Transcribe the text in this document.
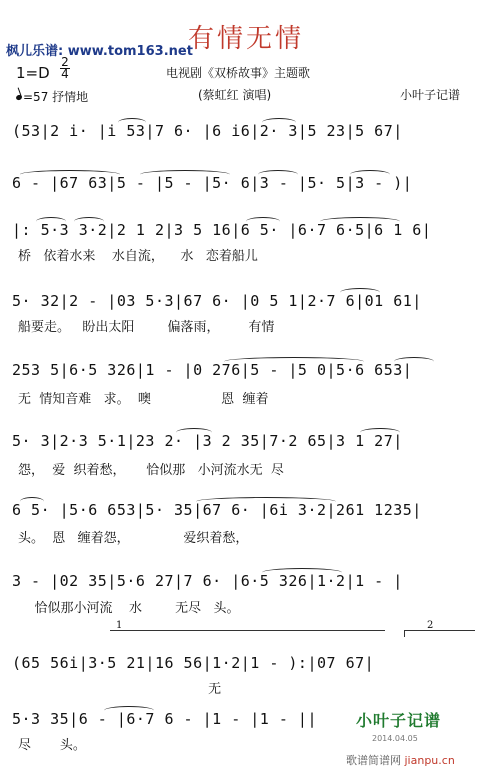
枫儿乐谱: www.tom163.net
有情无情
1=D
2
4
=57 抒情地
电视剧《双桥故事》主题歌
(蔡虹红 演唱)	小叶子记谱
(53|2 i· |i 53|7 6· |6 i6|2· 3|5 23|5 67|
6 - |67 63|5 - |5 - |5· 6|3 - |5· 5|3 - )|
|: 5·3 3·2|2 1 2|3 5 16|6 5· |6·7 6·5|6 1 6|
桥   依着水来    水自流，    水   恋着船儿
5· 32|2 - |03 5·3|67 6· |0 5 1|2·7 6|01 61|
船要走。   盼出太阳        偏落雨，       有情
253 5|6·5 326|1 - |0 276|5 - |5 0|5·6 653|
无  情知音难   求。  噢                 恩  缠着
5· 3|2·3 5·1|23 2· |3 2 35|7·2 65|3 1 27|
怨，  爱  织着愁，     恰似那   小河流水无  尽
6 5· |5·6 653|5· 35|67 6· |6i 3·2|261 1235|
头。  恩   缠着怨，             爱织着愁，
3 - |02 35|5·6 27|7 6· |6·5 326|1·2|1 - |
恰似那小河流    水        无尽   头。
1	2
(65 56i|3·5 21|16 56|1·2|1 - ):|07 67|
无
5·3 35|6 - |6·7 6 - |1 - |1 - ||
尽       头。
小叶子记谱
2014.04.05
歌谱简谱网 jianpu.cn
